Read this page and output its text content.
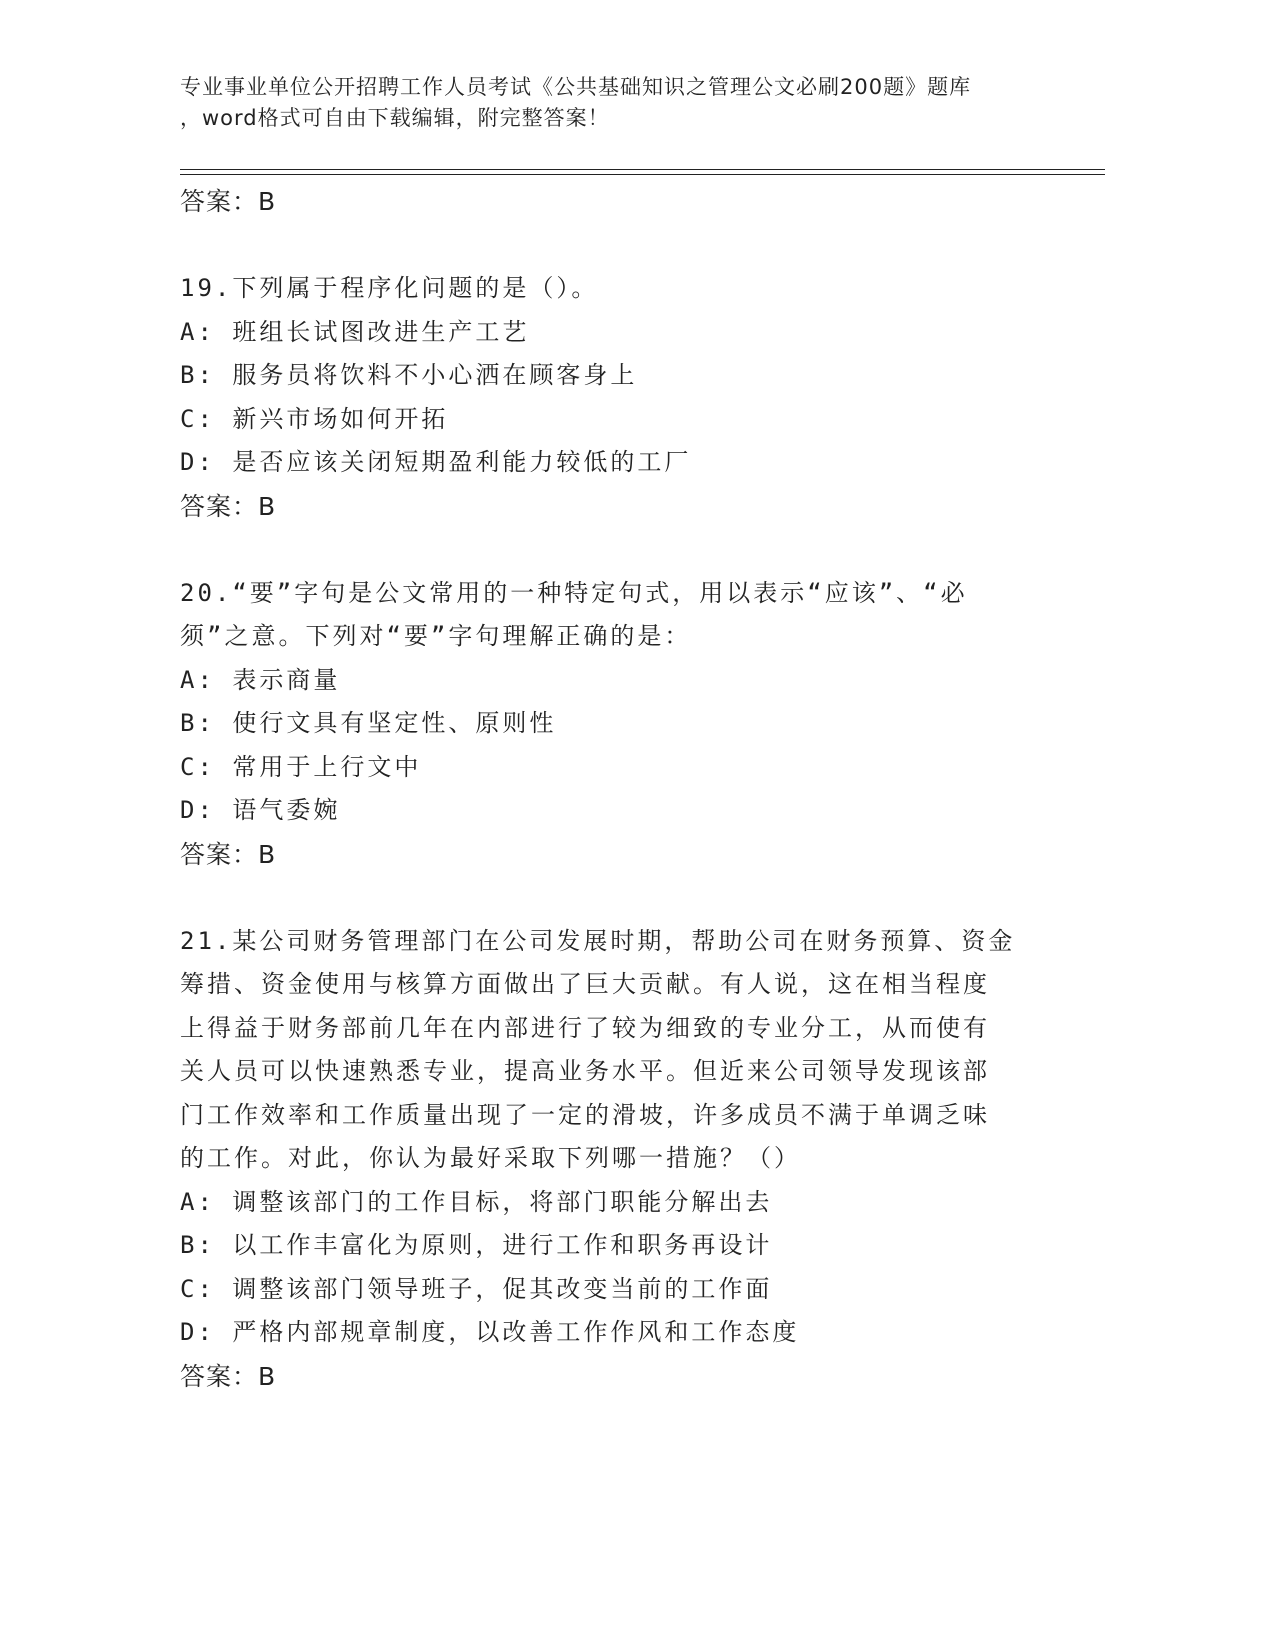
专业事业单位公开招聘工作人员考试《公共基础知识之管理公文必刷200题》题库
，word格式可自由下载编辑，附完整答案！
答案：B
19.下列属于程序化问题的是（）。
A: 班组长试图改进生产工艺
B: 服务员将饮料不小心洒在顾客身上
C: 新兴市场如何开拓
D: 是否应该关闭短期盈利能力较低的工厂
答案：B
20.“要”字句是公文常用的一种特定句式，用以表示“应该”、“必
须”之意。下列对“要”字句理解正确的是：
A: 表示商量
B: 使行文具有坚定性、原则性
C: 常用于上行文中
D: 语气委婉
答案：B
21.某公司财务管理部门在公司发展时期，帮助公司在财务预算、资金
筹措、资金使用与核算方面做出了巨大贡献。有人说，这在相当程度
上得益于财务部前几年在内部进行了较为细致的专业分工，从而使有
关人员可以快速熟悉专业，提高业务水平。但近来公司领导发现该部
门工作效率和工作质量出现了一定的滑坡，许多成员不满于单调乏味
的工作。对此，你认为最好采取下列哪一措施？（）
A: 调整该部门的工作目标，将部门职能分解出去
B: 以工作丰富化为原则，进行工作和职务再设计
C: 调整该部门领导班子，促其改变当前的工作面
D: 严格内部规章制度，以改善工作作风和工作态度
答案：B
